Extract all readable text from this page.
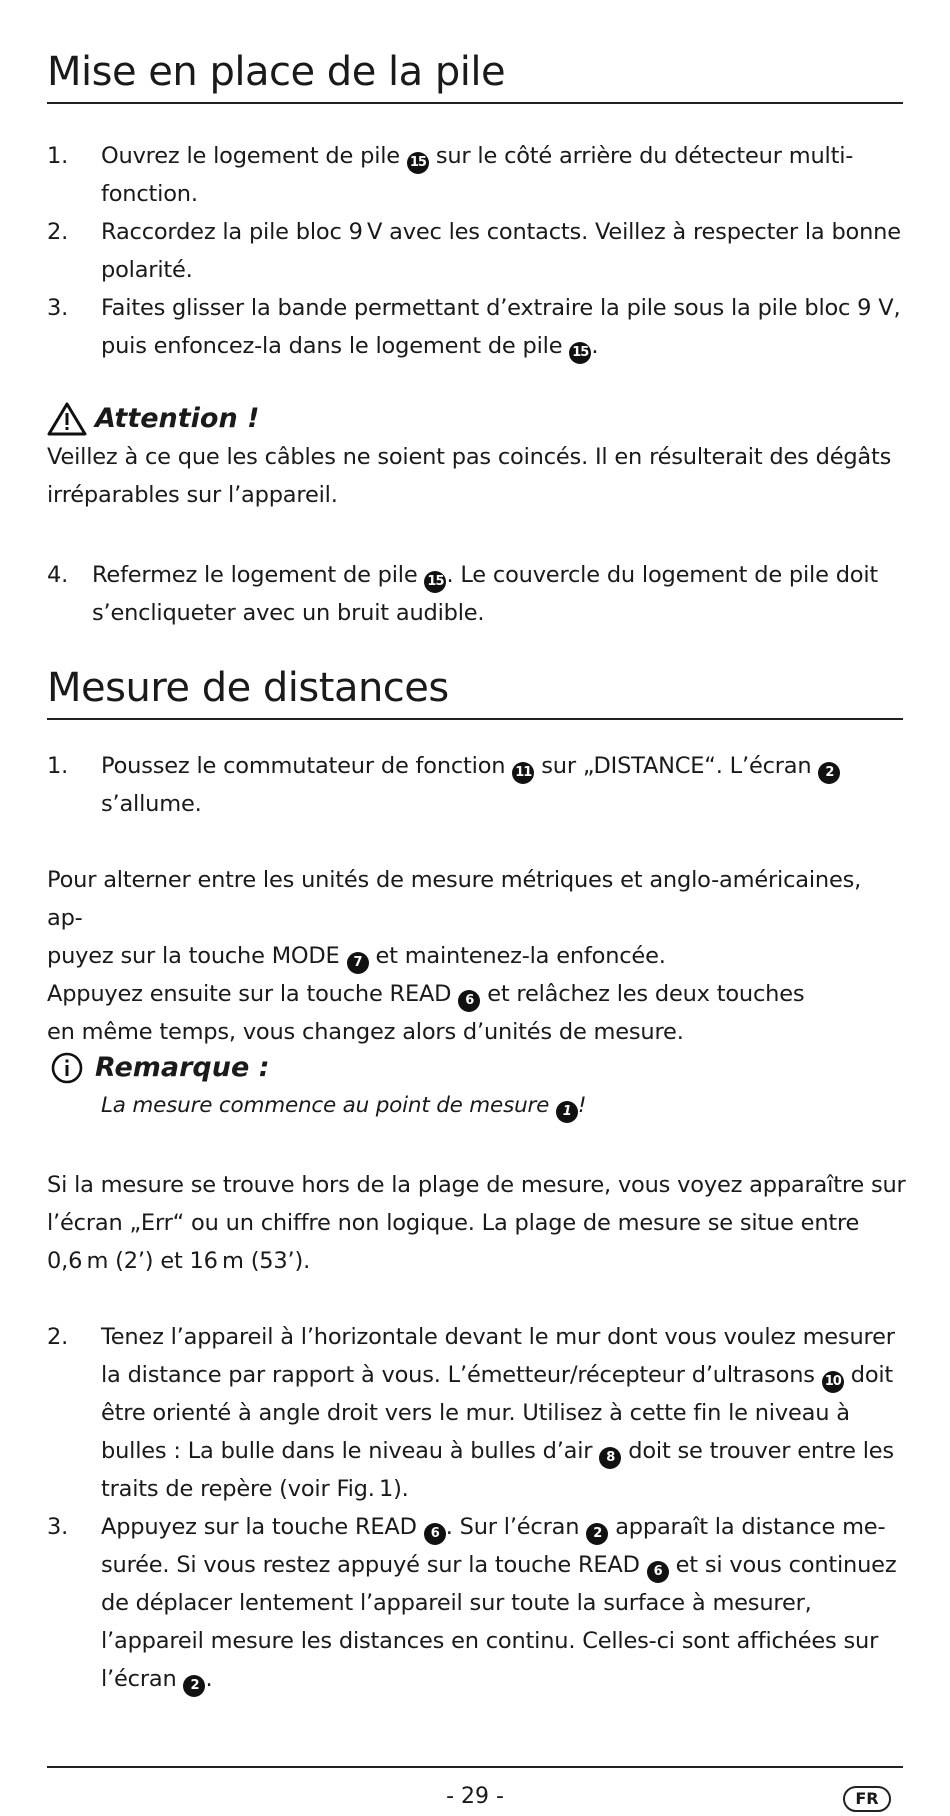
Mise en place de la pile
1. Ouvrez le logement de pile 15 sur le côté arrière du détecteur multi-
fonction.
2. Raccordez la pile bloc 9 V avec les contacts. Veillez à respecter la bonne
polarité.
3. Faites glisser la bande permettant d’extraire la pile sous la pile bloc 9 V,
puis enfoncez-la dans le logement de pile 15 .
Attention !

Veillez à ce que les câbles ne soient pas coincés. Il en résulterait des dégâts irréparables sur l’appareil.

4. Refermez le logement de pile 15 . Le couvercle du logement de pile doit s’encliqueter avec un bruit audible.
Mesure de distances
1. Poussez le commutateur de fonction 11 sur „DISTANCE“. L’écran 2
s’allume.

Pour alterner entre les unités de mesure métriques et anglo-américaines, ap-
puyez sur la touche MODE 7 et maintenez-la enfoncée.
Appuyez ensuite sur la touche READ 6 et relâchez les deux touches
en même temps, vous changez alors d’unités de mesure.

Remarque :

La mesure commence au point de mesure 1 !

Si la mesure se trouve hors de la plage de mesure, vous voyez apparaître sur l’écran „Err“ ou un chiffre non logique. La plage de mesure se situe entre 0,6 m (2’) et 16 m (53’).

2. Tenez l’appareil à l’horizontale devant le mur dont vous voulez mesurer la distance par rapport à vous. L’émetteur/récepteur d’ultrasons 10 doit être orienté à angle droit vers le mur. Utilisez à cette fin le niveau à bulles : La bulle dans le niveau à bulles d’air 8 doit se trouver entre les traits de repère (voir Fig. 1).
3. Appuyez sur la touche READ 6 . Sur l’écran 2 apparaît la distance me-surée. Si vous restez appuyé sur la touche READ 6 et si vous continuez de déplacer lentement l’appareil sur toute la surface à mesurer, l’appareil mesure les distances en continu. Celles-ci sont affichées sur l’écran 2 .
- 29 -	FR
